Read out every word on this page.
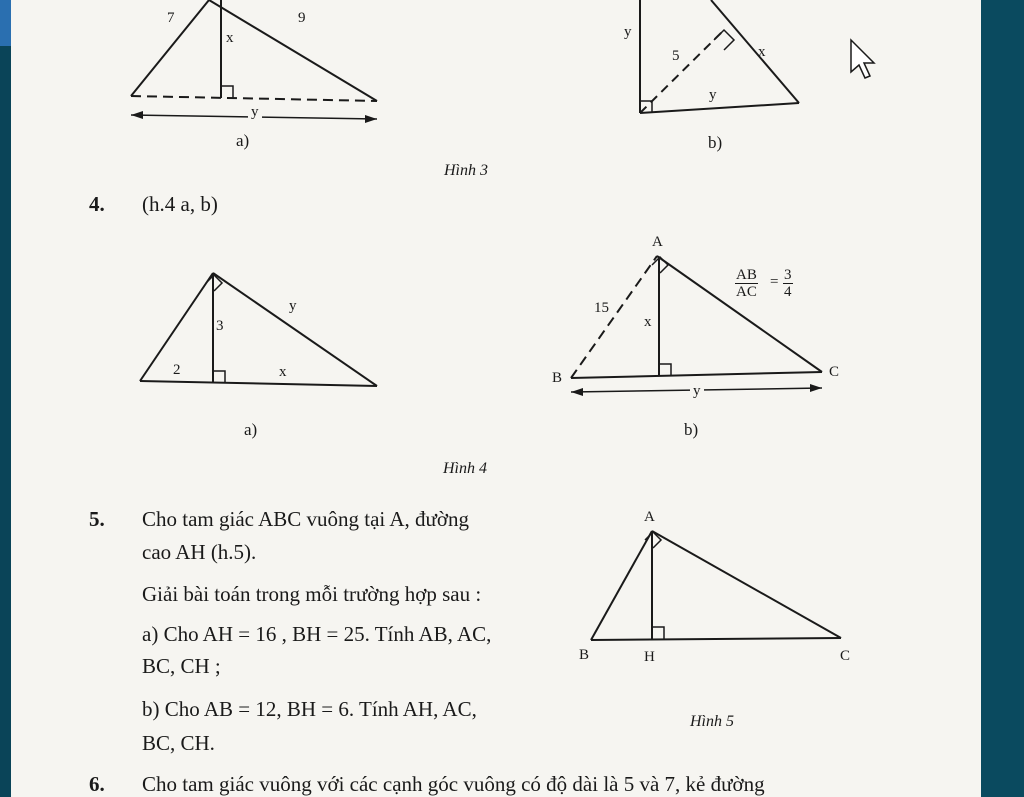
7	9
x
y
a)
y
5	x
y
b)
Hình 3
4. (h.4 a, b)
3
2	x
y
a)
A
B	C
15
x
y
$\frac{AB}{AC} = \frac{3}{4}$
b)
Hình 4
5. Cho tam giác ABC vuông tại A, đường
cao AH (h.5).
Giải bài toán trong mỗi trường hợp sau :
a) Cho AH = 16 , BH = 25. Tính AB, AC,
BC, CH ;
b) Cho AB = 12, BH = 6. Tính AH, AC,
BC, CH.
A
B	H	C
Hình 5
6. Cho tam giác vuông với các cạnh góc vuông có độ dài là 5 và 7, kẻ đường
